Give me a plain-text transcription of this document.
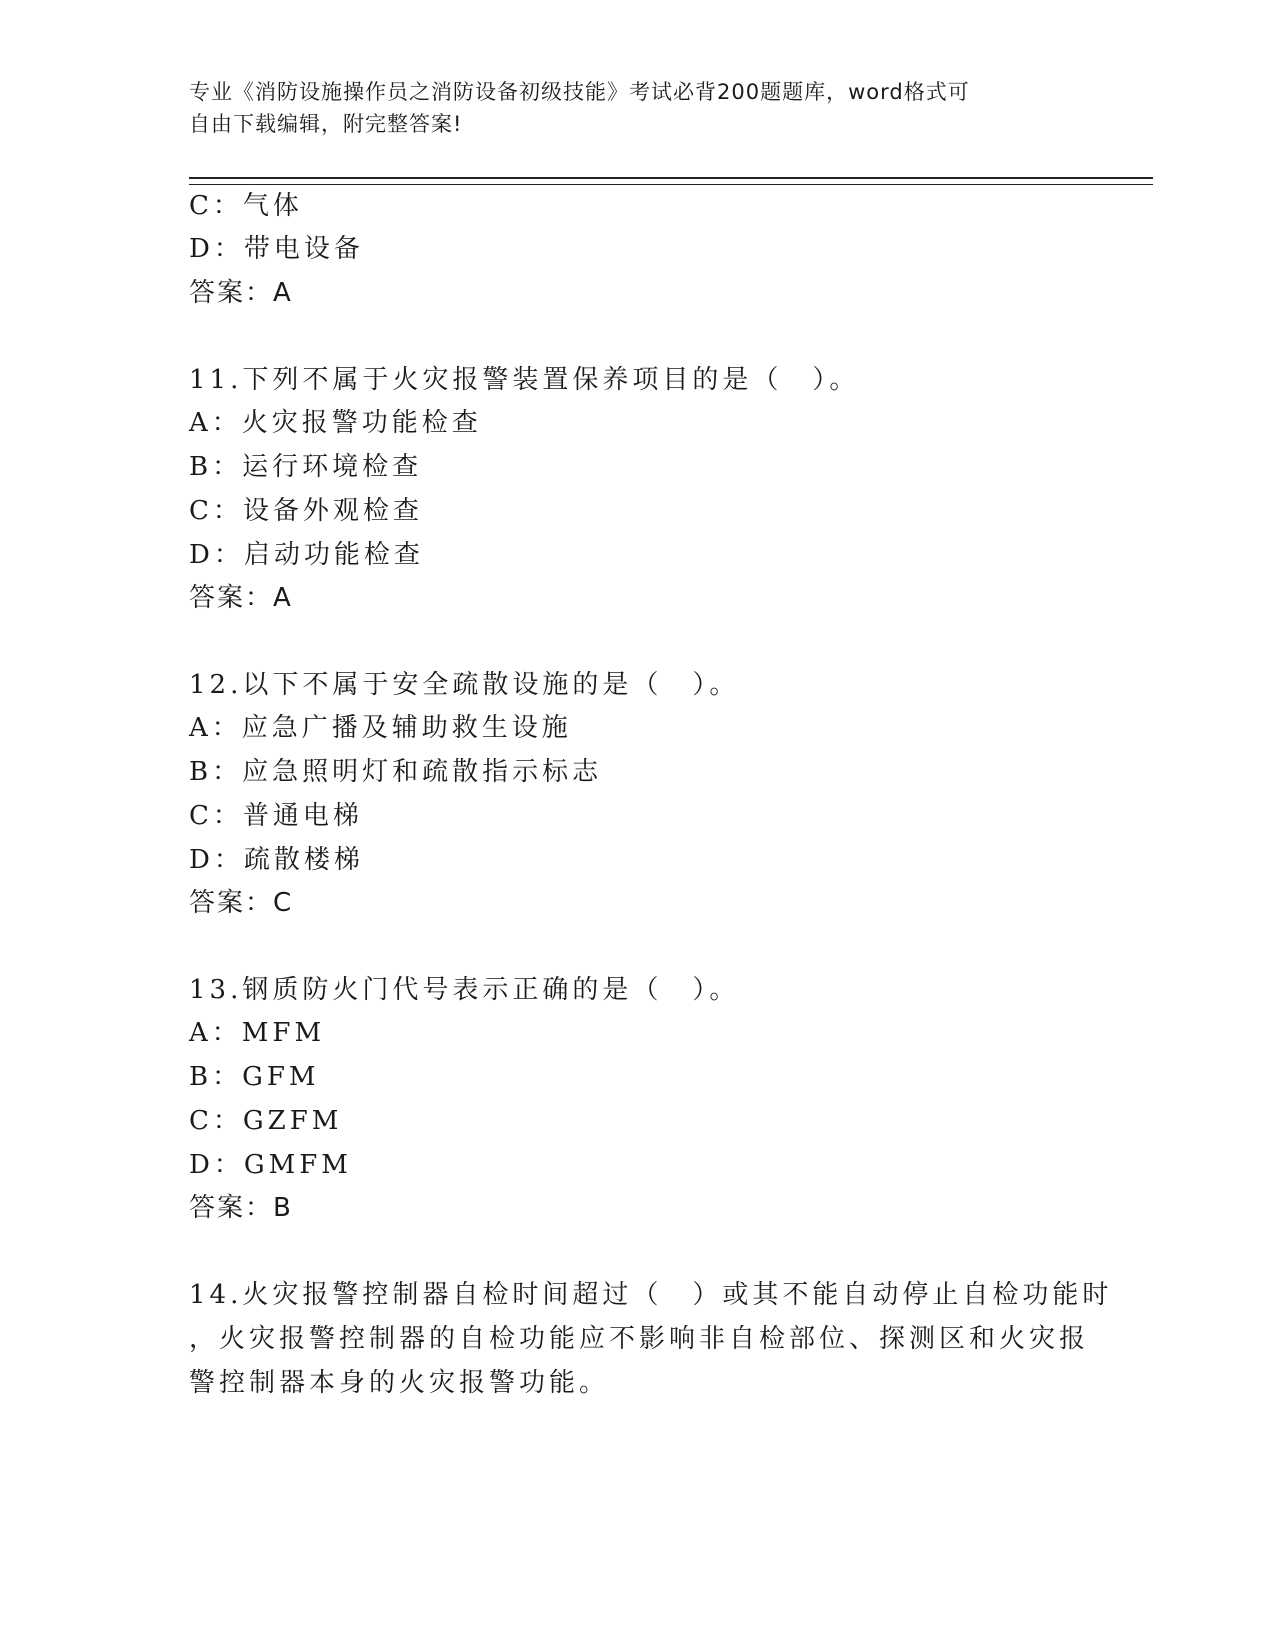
专业《消防设施操作员之消防设备初级技能》考试必背200题题库，word格式可
自由下载编辑，附完整答案!
C：气体
D：带电设备
答案：A
11.下列不属于火灾报警装置保养项目的是（　）。
A：火灾报警功能检查
B：运行环境检查
C：设备外观检查
D：启动功能检查
答案：A
12.以下不属于安全疏散设施的是（　）。
A：应急广播及辅助救生设施
B：应急照明灯和疏散指示标志
C：普通电梯
D：疏散楼梯
答案：C
13.钢质防火门代号表示正确的是（　）。
A：MFM
B：GFM
C：GZFM
D：GMFM
答案：B
14.火灾报警控制器自检时间超过（　）或其不能自动停止自检功能时
，火灾报警控制器的自检功能应不影响非自检部位、探测区和火灾报
警控制器本身的火灾报警功能。
